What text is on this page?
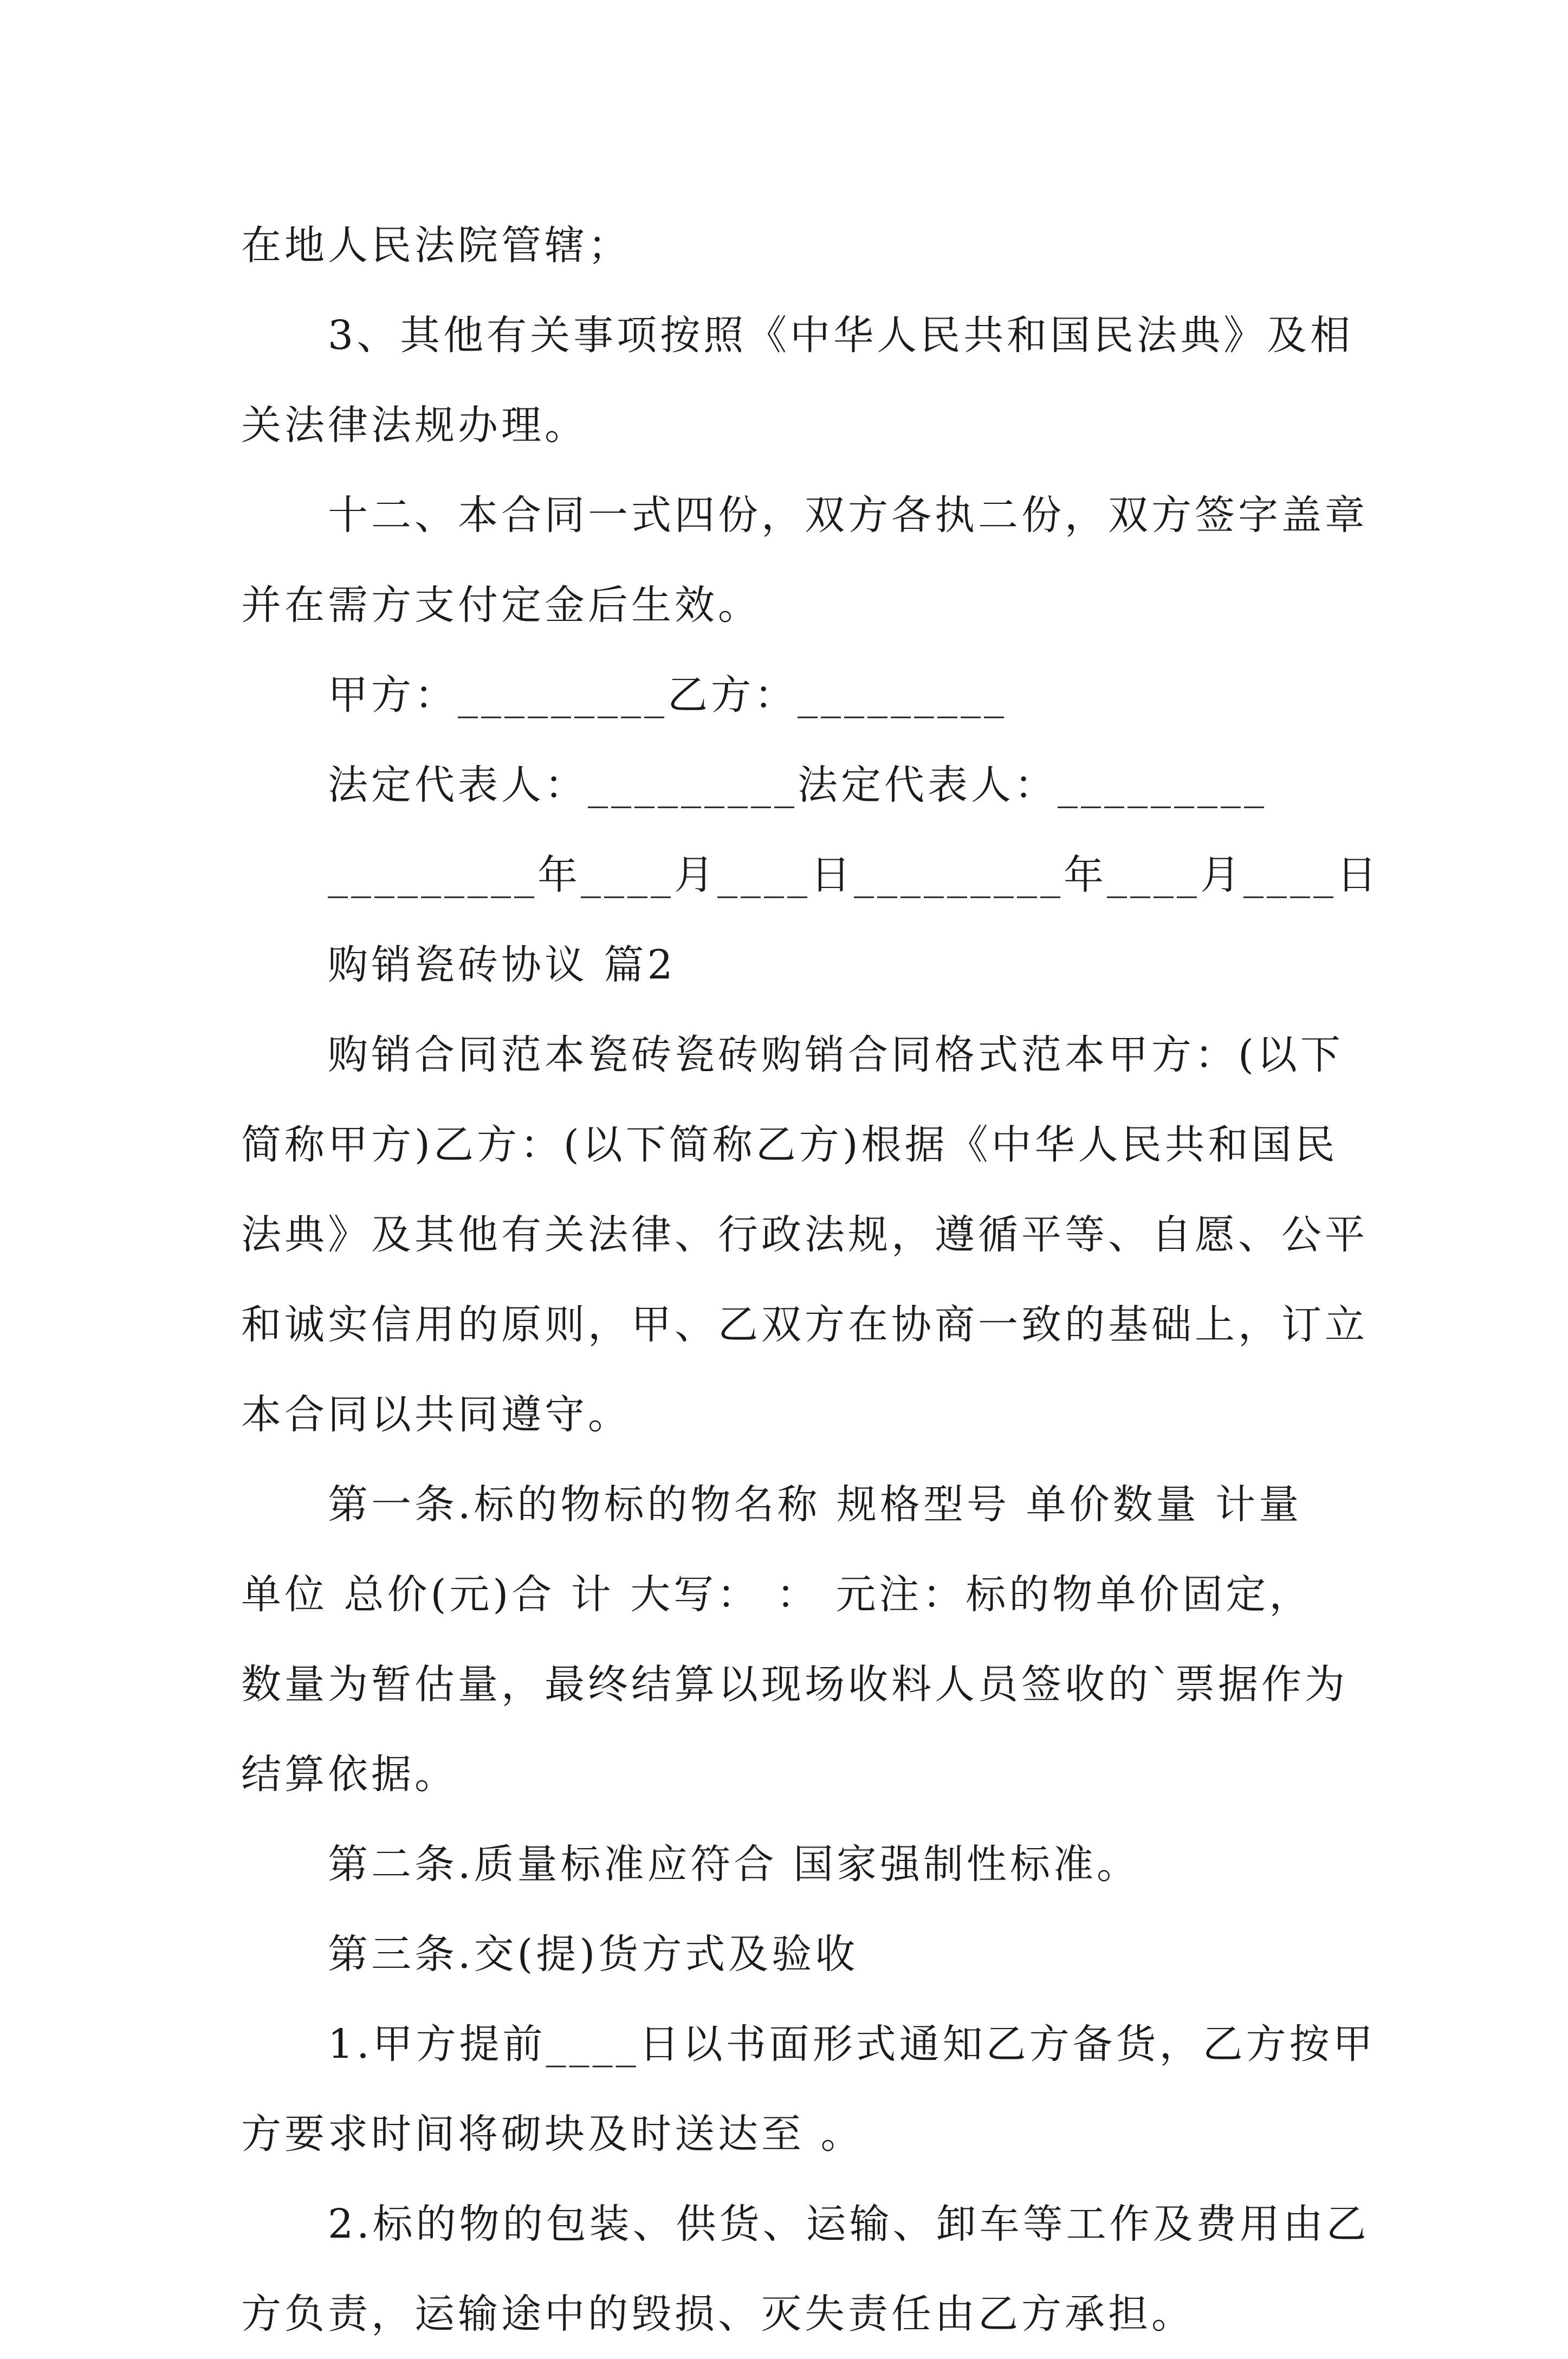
在地人民法院管辖；
3、其他有关事项按照《中华人民共和国民法典》及相
关法律法规办理。
十二、本合同一式四份，双方各执二份，双方签字盖章
并在需方支付定金后生效。
甲方：_________乙方：_________
法定代表人：_________法定代表人：_________
_________年____月____日_________年____月____日
购销瓷砖协议 篇2
购销合同范本瓷砖瓷砖购销合同格式范本甲方：(以下
简称甲方)乙方：(以下简称乙方)根据《中华人民共和国民
法典》及其他有关法律、行政法规，遵循平等、自愿、公平
和诚实信用的原则，甲、乙双方在协商一致的基础上，订立
本合同以共同遵守。
第一条.标的物标的物名称 规格型号 单价数量 计量
单位 总价(元)合 计 大写： ： 元注：标的物单价固定，
数量为暂估量，最终结算以现场收料人员签收的`票据作为
结算依据。
第二条.质量标准应符合 国家强制性标准。
第三条.交(提)货方式及验收
1.甲方提前____日以书面形式通知乙方备货，乙方按甲
方要求时间将砌块及时送达至 。
2.标的物的包装、供货、运输、卸车等工作及费用由乙
方负责，运输途中的毁损、灭失责任由乙方承担。
